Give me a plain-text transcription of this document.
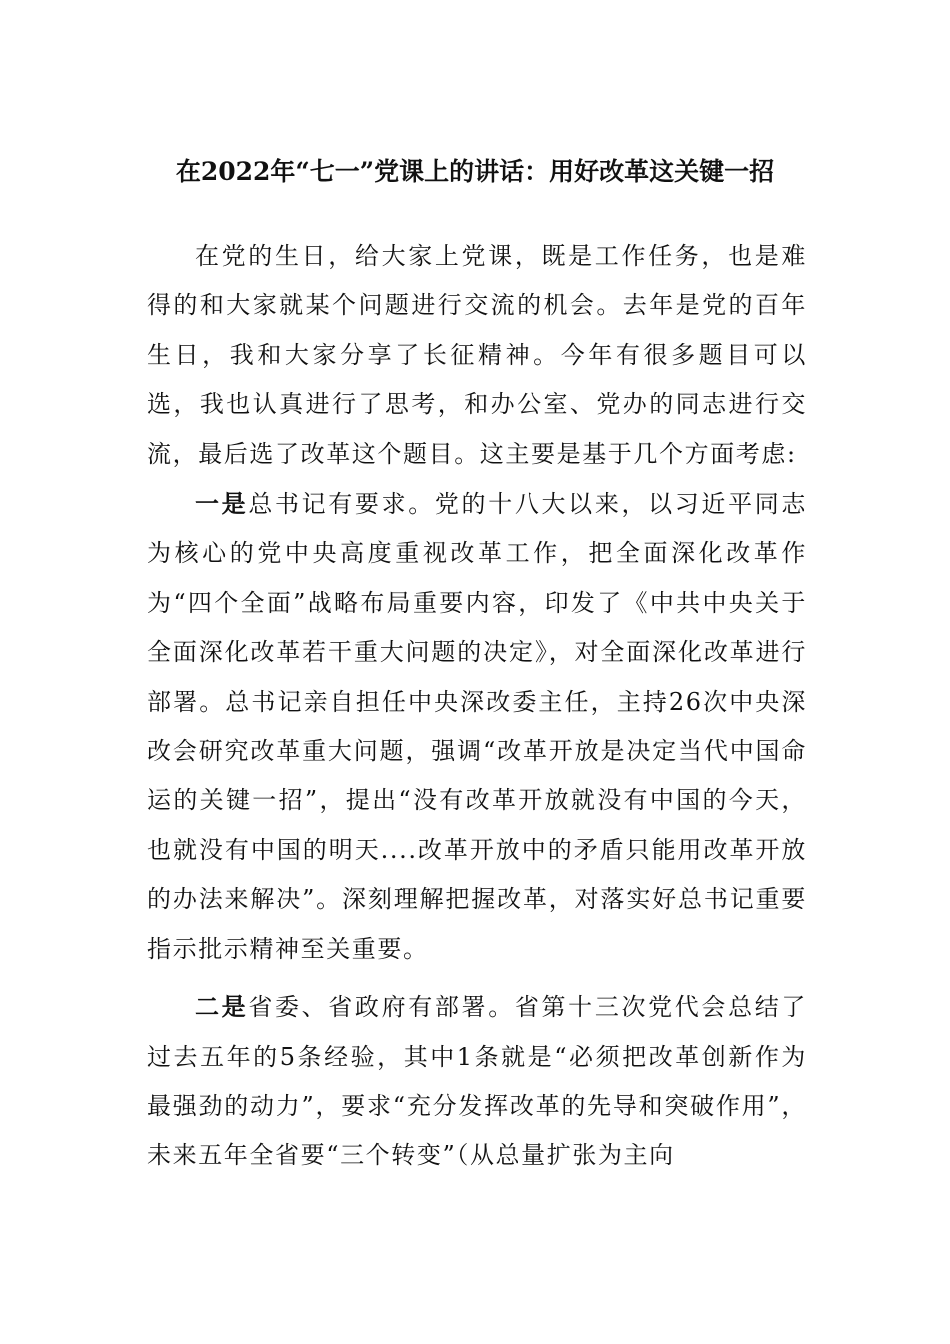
在2022年“七一”党课上的讲话：用好改革这关键一招

在党的生日，给大家上党课，既是工作任务，也是难得的和大家就某个问题进行交流的机会。去年是党的百年生日，我和大家分享了长征精神。今年有很多题目可以选，我也认真进行了思考，和办公室、党办的同志进行交流，最后选了改革这个题目。这主要是基于几个方面考虑:

一是总书记有要求。党的十八大以来，以习近平同志为核心的党中央高度重视改革工作，把全面深化改革作为“四个全面”战略布局重要内容，印发了《中共中央关于全面深化改革若干重大问题的决定》，对全面深化改革进行部署。总书记亲自担任中央深改委主任，主持26次中央深改会研究改革重大问题，强调“改革开放是决定当代中国命运的关键一招”，提出“没有改革开放就没有中国的今天，也就没有中国的明天....改革开放中的矛盾只能用改革开放的办法来解决”。深刻理解把握改革，对落实好总书记重要指示批示精神至关重要。

二是省委、省政府有部署。省第十三次党代会总结了过去五年的5条经验，其中1条就是“必须把改革创新作为最强劲的动力”，要求“充分发挥改革的先导和突破作用”，未来五年全省要“三个转变”（从总量扩张为主向
